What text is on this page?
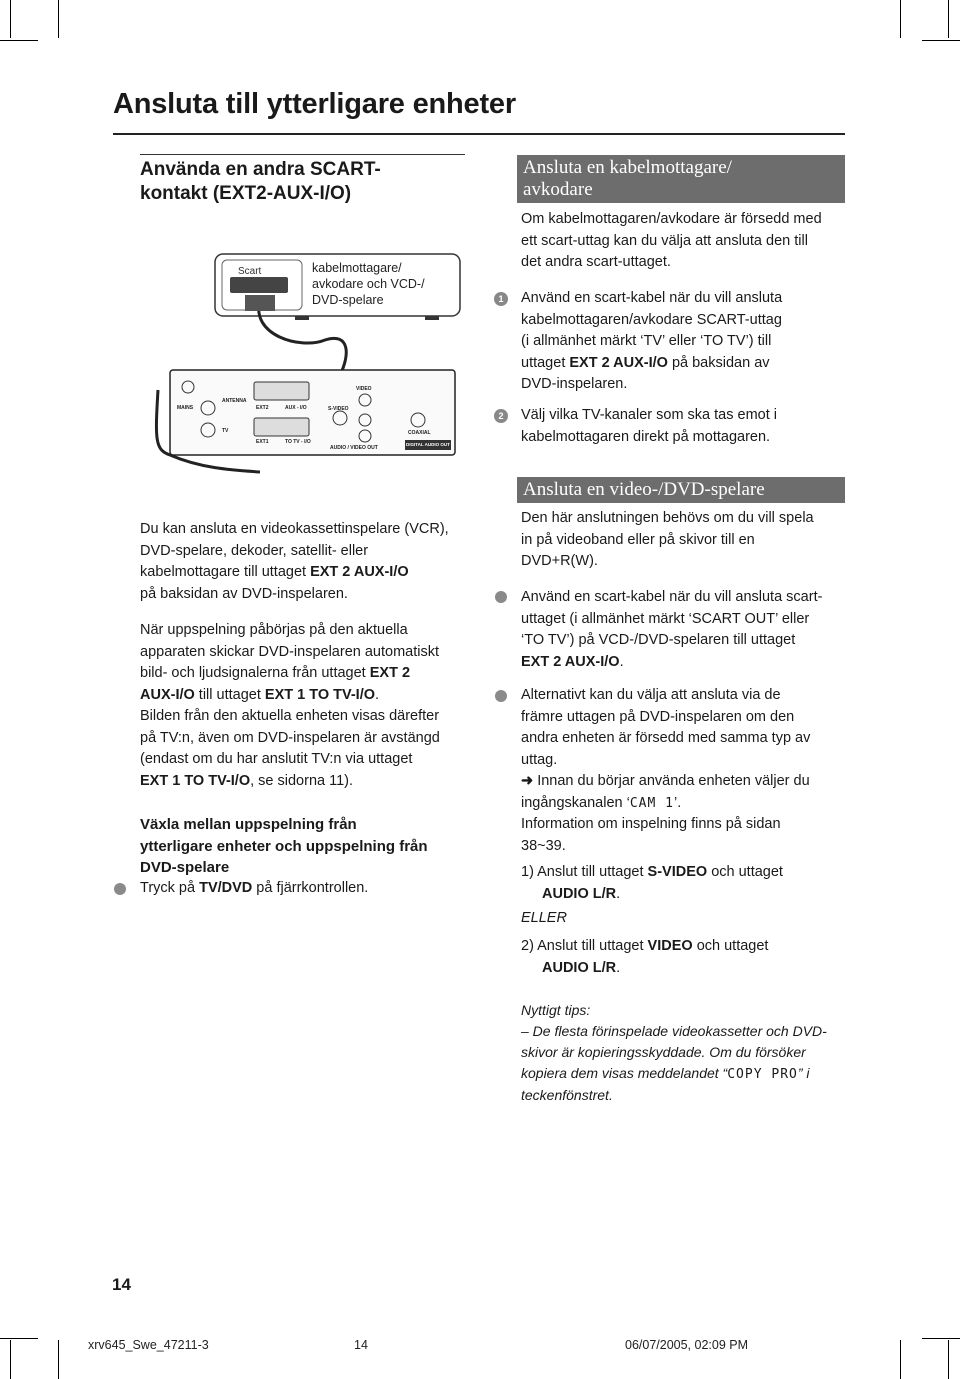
Ansluta till ytterligare enheter
Använda en andra SCART-
kontakt (EXT2-AUX-I/O)
Scart	kabelmottagare/
avkodare och VCD-/
DVD-spelare
MAINS
ANTENNA
TV
EXT2	AUX - I/O
EXT1	TO TV - I/O
S-VIDEO
VIDEO
AUDIO / VIDEO OUT
COAXIAL
DIGITAL AUDIO OUT
Du kan ansluta en videokassettinspelare (VCR),
DVD-spelare, dekoder, satellit- eller
kabelmottagare till uttaget EXT 2 AUX-I/O
på baksidan av DVD-inspelaren.
När uppspelning påbörjas på den aktuella
apparaten skickar DVD-inspelaren automatiskt
bild- och ljudsignalerna från uttaget EXT 2
AUX-I/O till uttaget EXT 1 TO TV-I/O.
Bilden från den aktuella enheten visas därefter
på TV:n, även om DVD-inspelaren är avstängd
(endast om du har anslutit TV:n via uttaget
EXT 1 TO TV-I/O, se sidorna 11).
Växla mellan uppspelning från
ytterligare enheter och uppspelning från
DVD-spelare
Tryck på TV/DVD på fjärrkontrollen.
Ansluta en kabelmottagare/
avkodare
Om kabelmottagaren/avkodare är försedd med
ett scart-uttag kan du välja att ansluta den till
det andra scart-uttaget.
1	Använd en scart-kabel när du vill ansluta
kabelmottagaren/avkodare SCART-uttag
(i allmänhet märkt ‘TV’ eller ‘TO TV’) till
uttaget EXT 2 AUX-I/O på baksidan av
DVD-inspelaren.
2	Välj vilka TV-kanaler som ska tas emot i
kabelmottagaren direkt på mottagaren.
Ansluta en video-/DVD-spelare
Den här anslutningen behövs om du vill spela
in på videoband eller på skivor till en
DVD+R(W).
Använd en scart-kabel när du vill ansluta scart-
uttaget (i allmänhet märkt ‘SCART OUT’ eller
‘TO TV’) på VCD-/DVD-spelaren till uttaget
EXT 2 AUX-I/O.
Alternativt kan du välja att ansluta via de
främre uttagen på DVD-inspelaren om den
andra enheten är försedd med samma typ av
uttag.
➜ Innan du börjar använda enheten väljer du
ingångskanalen ‘CAM 1’.
Information om inspelning finns på sidan
38~39.
1) Anslut till uttaget S-VIDEO och uttaget
AUDIO L/R.
ELLER
2) Anslut till uttaget VIDEO och uttaget
AUDIO L/R.
Nyttigt tips:
– De flesta förinspelade videokassetter och DVD-
skivor är kopieringsskyddade. Om du försöker
kopiera dem visas meddelandet “COPY PRO” i
teckenfönstret.
14
xrv645_Swe_47211-3	14	06/07/2005, 02:09 PM
